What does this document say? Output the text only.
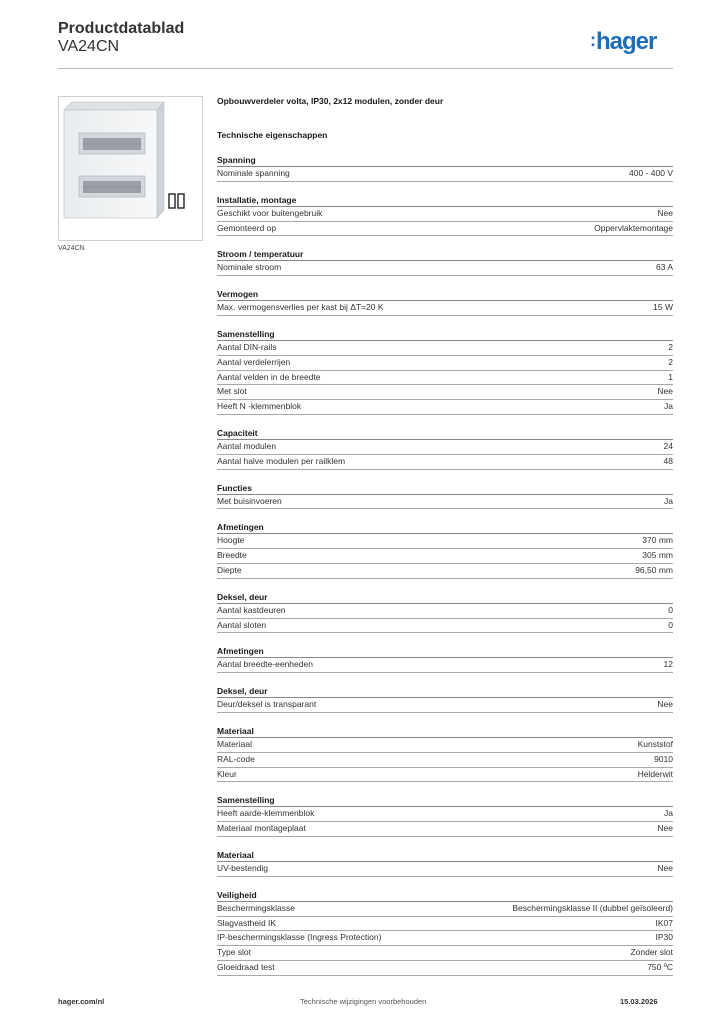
Productdatablad
VA24CN	:hager
VA24CN
Opbouwverdeler volta, IP30, 2x12 modulen, zonder deur
Technische eigenschappen
Spanning
Nominale spanning	400 - 400 V
Installatie, montage
Geschikt voor buitengebruik	Nee
Gemonteerd op	Oppervlaktemontage
Stroom / temperatuur
Nominale stroom	63 A
Vermogen
Max. vermogensverlies per kast bij ΔT=20 K	15 W
Samenstelling
Aantal DIN-rails	2
Aantal verdelerrijen	2
Aantal velden in de breedte	1
Met slot	Nee
Heeft N -klemmenblok	Ja
Capaciteit
Aantal modulen	24
Aantal halve modulen per railklem	48
Functies
Met buisinvoeren	Ja
Afmetingen
Hoogte	370 mm
Breedte	305 mm
Diepte	96,50 mm
Deksel, deur
Aantal kastdeuren	0
Aantal sloten	0
Afmetingen
Aantal breedte-eenheden	12
Deksel, deur
Deur/deksel is transparant	Nee
Materiaal
Materiaal	Kunststof
RAL-code	9010
Kleur	Helderwit
Samenstelling
Heeft aarde-klemmenblok	Ja
Materiaal montageplaat	Nee
Materiaal
UV-bestendig	Nee
Veiligheid
Beschermingsklasse	Beschermingsklasse II (dubbel geïsoleerd)
Slagvastheid IK	IK07
IP-beschermingsklasse (Ingress Protection)	IP30
Type slot	Zonder slot
Gloeidraad test	750 ºC
hager.com/nl	Technische wijzigingen voorbehouden	15.03.2026
